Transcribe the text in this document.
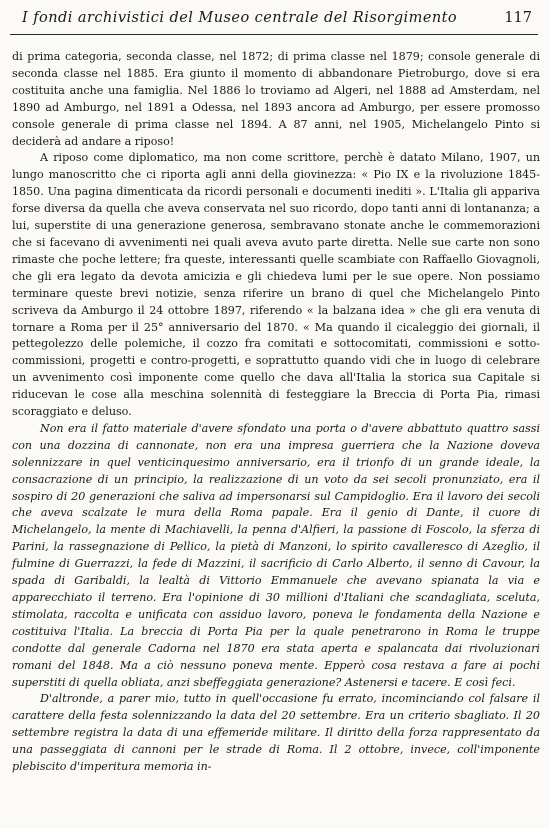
I fondi archivistici del Museo centrale del Risorgimento	117

di prima categoria, seconda classe, nel 1872; di prima classe nel 1879; console generale di seconda classe nel 1885. Era giunto il momento di abbandonare Pietroburgo, dove si era costituita anche una famiglia. Nel 1886 lo troviamo ad Algeri, nel 1888 ad Amsterdam, nel 1890 ad Amburgo, nel 1891 a Odessa, nel 1893 ancora ad Amburgo, per essere promosso console generale di prima classe nel 1894. A 87 anni, nel 1905, Michelangelo Pinto si deciderà ad andare a riposo!

A riposo come diplomatico, ma non come scrittore, perchè è datato Milano, 1907, un lungo manoscritto che ci riporta agli anni della giovinezza: « Pio IX e la rivoluzione 1845-1850. Una pagina dimenticata da ricordi personali e documenti inediti ». L'Italia gli appariva forse diversa da quella che aveva conservata nel suo ricordo, dopo tanti anni di lontananza; a lui, superstite di una generazione generosa, sembravano stonate anche le commemorazioni che si facevano di avvenimenti nei quali aveva avuto parte diretta. Nelle sue carte non sono rimaste che poche lettere; fra queste, interessanti quelle scambiate con Raffaello Giovagnoli, che gli era legato da devota amicizia e gli chiedeva lumi per le sue opere. Non possiamo terminare queste brevi notizie, senza riferire un brano di quel che Michelangelo Pinto scriveva da Amburgo il 24 ottobre 1897, riferendo « la balzana idea » che gli era venuta di tornare a Roma per il 25° anniversario del 1870. « Ma quando il cicaleggio dei giornali, il pettegolezzo delle polemiche, il cozzo fra comitati e sottocomitati, commissioni e sotto-commissioni, progetti e contro-progetti, e soprattutto quando vidi che in luogo di celebrare un avvenimento così imponente come quello che dava all'Italia la storica sua Capitale si riducevan le cose alla meschina solennità di festeggiare la Breccia di Porta Pia, rimasi scoraggiato e deluso.

Non era il fatto materiale d'avere sfondato una porta o d'avere abbattuto quattro sassi con una dozzina di cannonate, non era una impresa guerriera che la Nazione doveva solennizzare in quel venticinquesimo anniversario, era il trionfo di un grande ideale, la consacrazione di un principio, la realizzazione di un voto da sei secoli pronunziato, era il sospiro di 20 generazioni che saliva ad impersonarsi sul Campidoglio. Era il lavoro dei secoli che aveva scalzate le mura della Roma papale. Era il genio di Dante, il cuore di Michelangelo, la mente di Machiavelli, la penna d'Alfieri, la passione di Foscolo, la sferza di Parini, la rassegnazione di Pellico, la pietà di Manzoni, lo spirito cavalleresco di Azeglio, il fulmine di Guerrazzi, la fede di Mazzini, il sacrificio di Carlo Alberto, il senno di Cavour, la spada di Garibaldi, la lealtà di Vittorio Emmanuele che avevano spianata la via e apparecchiato il terreno. Era l'opinione di 30 millioni d'Italiani che scandagliata, sceluta, stimolata, raccolta e unificata con assiduo lavoro, poneva le fondamenta della Nazione e costituiva l'Italia. La breccia di Porta Pia per la quale penetrarono in Roma le truppe condotte dal generale Cadorna nel 1870 era stata aperta e spalancata dai rivoluzionari romani del 1848. Ma a ciò nessuno poneva mente. Epperò cosa restava a fare ai pochi superstiti di quella obliata, anzi sbeffeggiata generazione? Astenersi e tacere. E così feci.

D'altronde, a parer mio, tutto in quell'occasione fu errato, incominciando col falsare il carattere della festa solennizzando la data del 20 settembre. Era un criterio sbagliato. Il 20 settembre registra la data di una effemeride militare. Il diritto della forza rappresentato da una passeggiata di cannoni per le strade di Roma. Il 2 ottobre, invece, coll'imponente plebiscito d'imperitura memoria in-
